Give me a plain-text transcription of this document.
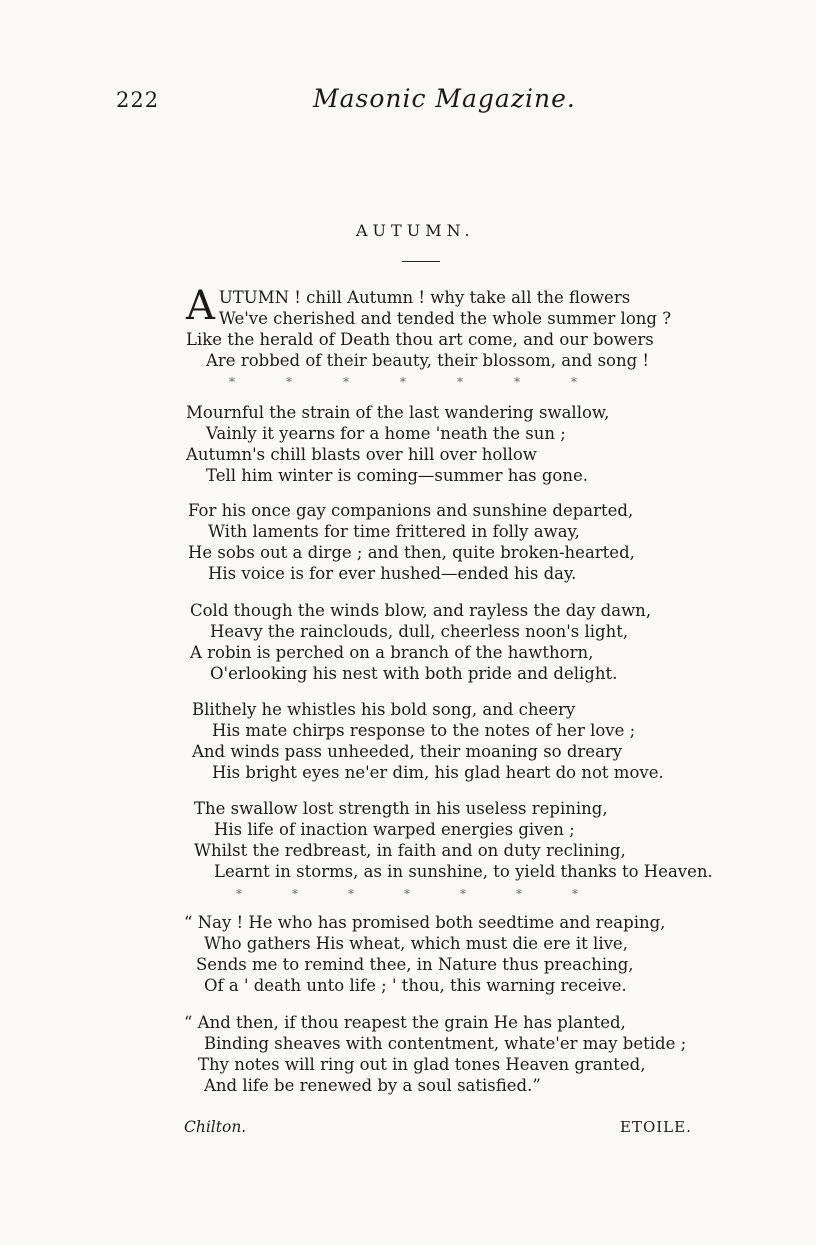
222	Masonic Magazine.
AUTUMN.
A UTUMN ! chill Autumn ! why take all the flowers
We've cherished and tended the whole summer long ?
Like the herald of Death thou art come, and our bowers
Are robbed of their beauty, their blossom, and song !
*	*	*	*	*	*	*
Mournful the strain of the last wandering swallow,
Vainly it yearns for a home 'neath the sun ;
Autumn's chill blasts over hill over hollow
Tell him winter is coming—summer has gone.
For his once gay companions and sunshine departed,
With laments for time frittered in folly away,
He sobs out a dirge ; and then, quite broken-hearted,
His voice is for ever hushed—ended his day.
Cold though the winds blow, and rayless the day dawn,
Heavy the rainclouds, dull, cheerless noon's light,
A robin is perched on a branch of the hawthorn,
O'erlooking his nest with both pride and delight.
Blithely he whistles his bold song, and cheery
His mate chirps response to the notes of her love ;
And winds pass unheeded, their moaning so dreary
His bright eyes ne'er dim, his glad heart do not move.
The swallow lost strength in his useless repining,
His life of inaction warped energies given ;
Whilst the redbreast, in faith and on duty reclining,
Learnt in storms, as in sunshine, to yield thanks to Heaven.
*	*	*	*	*	*	*
“ Nay ! He who has promised both seedtime and reaping,
Who gathers His wheat, which must die ere it live,
Sends me to remind thee, in Nature thus preaching,
Of a ' death unto life ; ' thou, this warning receive.
“ And then, if thou reapest the grain He has planted,
Binding sheaves with contentment, whate'er may betide ;
Thy notes will ring out in glad tones Heaven granted,
And life be renewed by a soul satisfied.”
Chilton.	ETOILE.
